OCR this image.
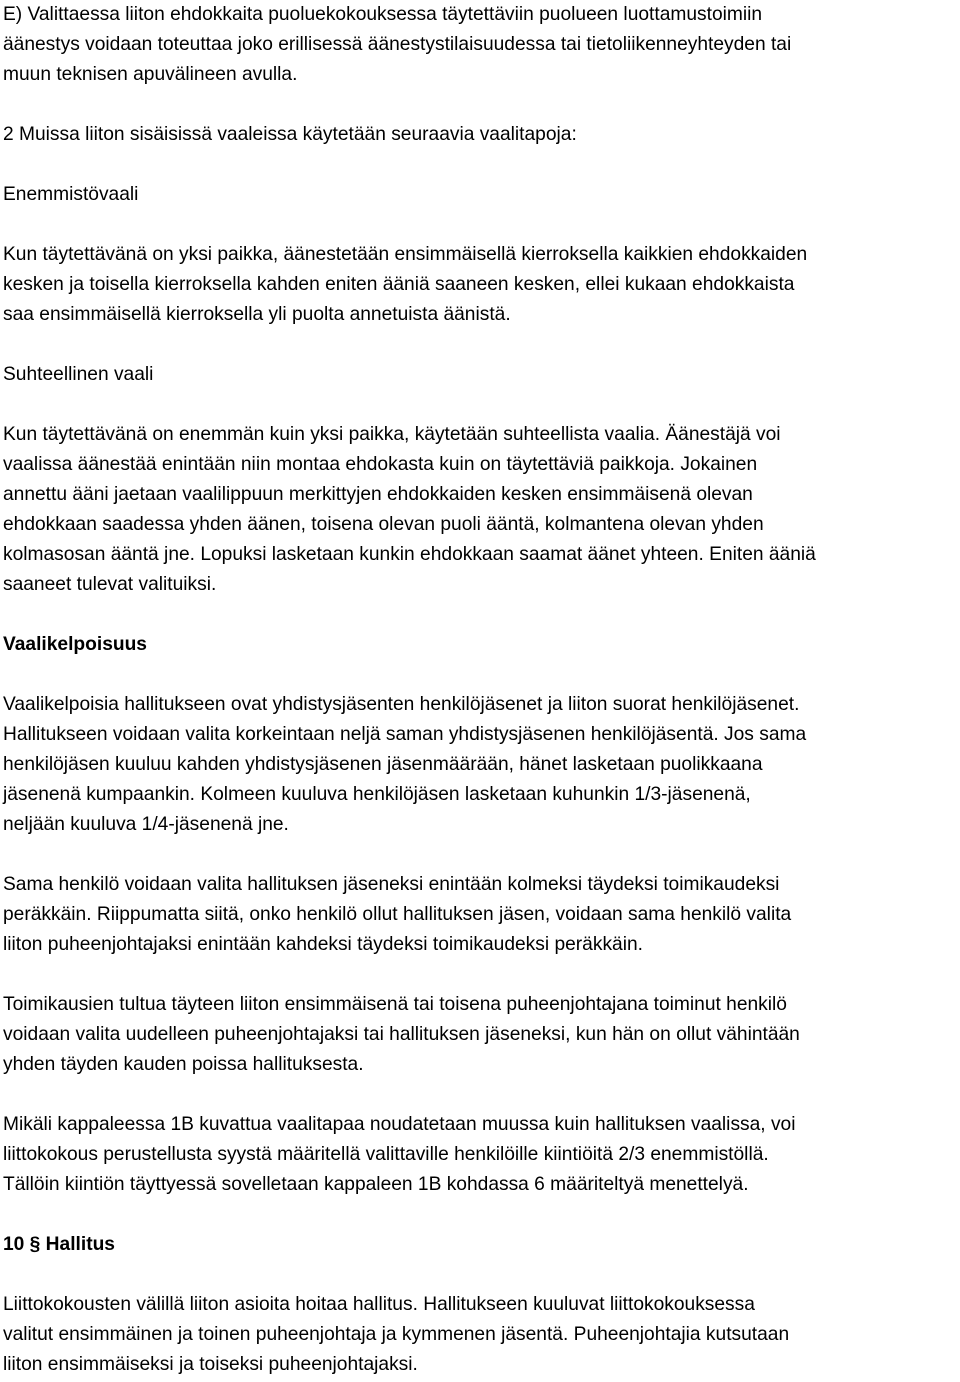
E) Valittaessa liiton ehdokkaita puoluekokouksessa täytettäviin puolueen luottamustoimiin
äänestys voidaan toteuttaa joko erillisessä äänestystilaisuudessa tai tietoliikenneyhteyden tai
muun teknisen apuvälineen avulla.

2 Muissa liiton sisäisissä vaaleissa käytetään seuraavia vaalitapoja:

Enemmistövaali

Kun täytettävänä on yksi paikka, äänestetään ensimmäisellä kierroksella kaikkien ehdokkaiden
kesken ja toisella kierroksella kahden eniten ääniä saaneen kesken, ellei kukaan ehdokkaista
saa ensimmäisellä kierroksella yli puolta annetuista äänistä.

Suhteellinen vaali

Kun täytettävänä on enemmän kuin yksi paikka, käytetään suhteellista vaalia. Äänestäjä voi
vaalissa äänestää enintään niin montaa ehdokasta kuin on täytettäviä paikkoja. Jokainen
annettu ääni jaetaan vaalilippuun merkittyjen ehdokkaiden kesken ensimmäisenä olevan
ehdokkaan saadessa yhden äänen, toisena olevan puoli ääntä, kolmantena olevan yhden
kolmasosan ääntä jne. Lopuksi lasketaan kunkin ehdokkaan saamat äänet yhteen. Eniten ääniä
saaneet tulevat valituiksi.

Vaalikelpoisuus

Vaalikelpoisia hallitukseen ovat yhdistysjäsenten henkilöjäsenet ja liiton suorat henkilöjäsenet.
Hallitukseen voidaan valita korkeintaan neljä saman yhdistysjäsenen henkilöjäsentä. Jos sama
henkilöjäsen kuuluu kahden yhdistysjäsenen jäsenmäärään, hänet lasketaan puolikkaana
jäsenenä kumpaankin. Kolmeen kuuluva henkilöjäsen lasketaan kuhunkin 1/3-jäsenenä,
neljään kuuluva 1/4-jäsenenä jne.

Sama henkilö voidaan valita hallituksen jäseneksi enintään kolmeksi täydeksi toimikaudeksi
peräkkäin. Riippumatta siitä, onko henkilö ollut hallituksen jäsen, voidaan sama henkilö valita
liiton puheenjohtajaksi enintään kahdeksi täydeksi toimikaudeksi peräkkäin.

Toimikausien tultua täyteen liiton ensimmäisenä tai toisena puheenjohtajana toiminut henkilö
voidaan valita uudelleen puheenjohtajaksi tai hallituksen jäseneksi, kun hän on ollut vähintään
yhden täyden kauden poissa hallituksesta.

Mikäli kappaleessa 1B kuvattua vaalitapaa noudatetaan muussa kuin hallituksen vaalissa, voi
liittokokous perustellusta syystä määritellä valittaville henkilöille kiintiöitä 2/3 enemmistöllä.
Tällöin kiintiön täyttyessä sovelletaan kappaleen 1B kohdassa 6 määriteltyä menettelyä.

10 § Hallitus

Liittokokousten välillä liiton asioita hoitaa hallitus. Hallitukseen kuuluvat liittokokouksessa
valitut ensimmäinen ja toinen puheenjohtaja ja kymmenen jäsentä. Puheenjohtajia kutsutaan
liiton ensimmäiseksi ja toiseksi puheenjohtajaksi.
